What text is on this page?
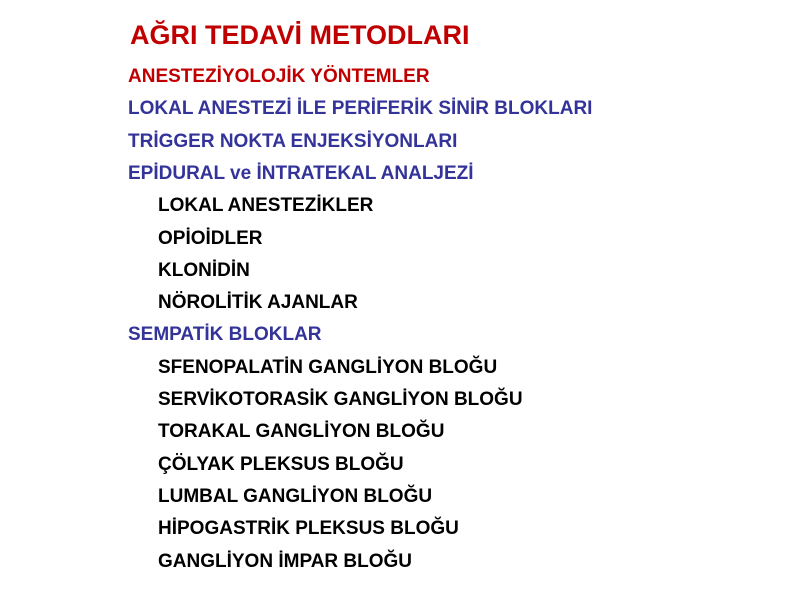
AĞRI TEDAVİ METODLARI
ANESTEZİYOLOJİK YÖNTEMLER
LOKAL ANESTEZİ İLE PERİFERİK SİNİR BLOKLARI
TRİGGER NOKTA ENJEKSİYONLARI
EPİDURAL ve İNTRATEKAL ANALJEZİ
LOKAL ANESTEZİKLER
OPİOİDLER
KLONİDİN
NÖROLİTİK AJANLAR
SEMPATİK BLOKLAR
SFENOPALATİN GANGLİYON BLOĞU
SERVİKOTORASİK GANGLİYON BLOĞU
TORAKAL GANGLİYON BLOĞU
ÇÖLYAK PLEKSUS BLOĞU
LUMBAL GANGLİYON BLOĞU
HİPOGASTRİK PLEKSUS BLOĞU
GANGLİYON İMPAR BLOĞU
